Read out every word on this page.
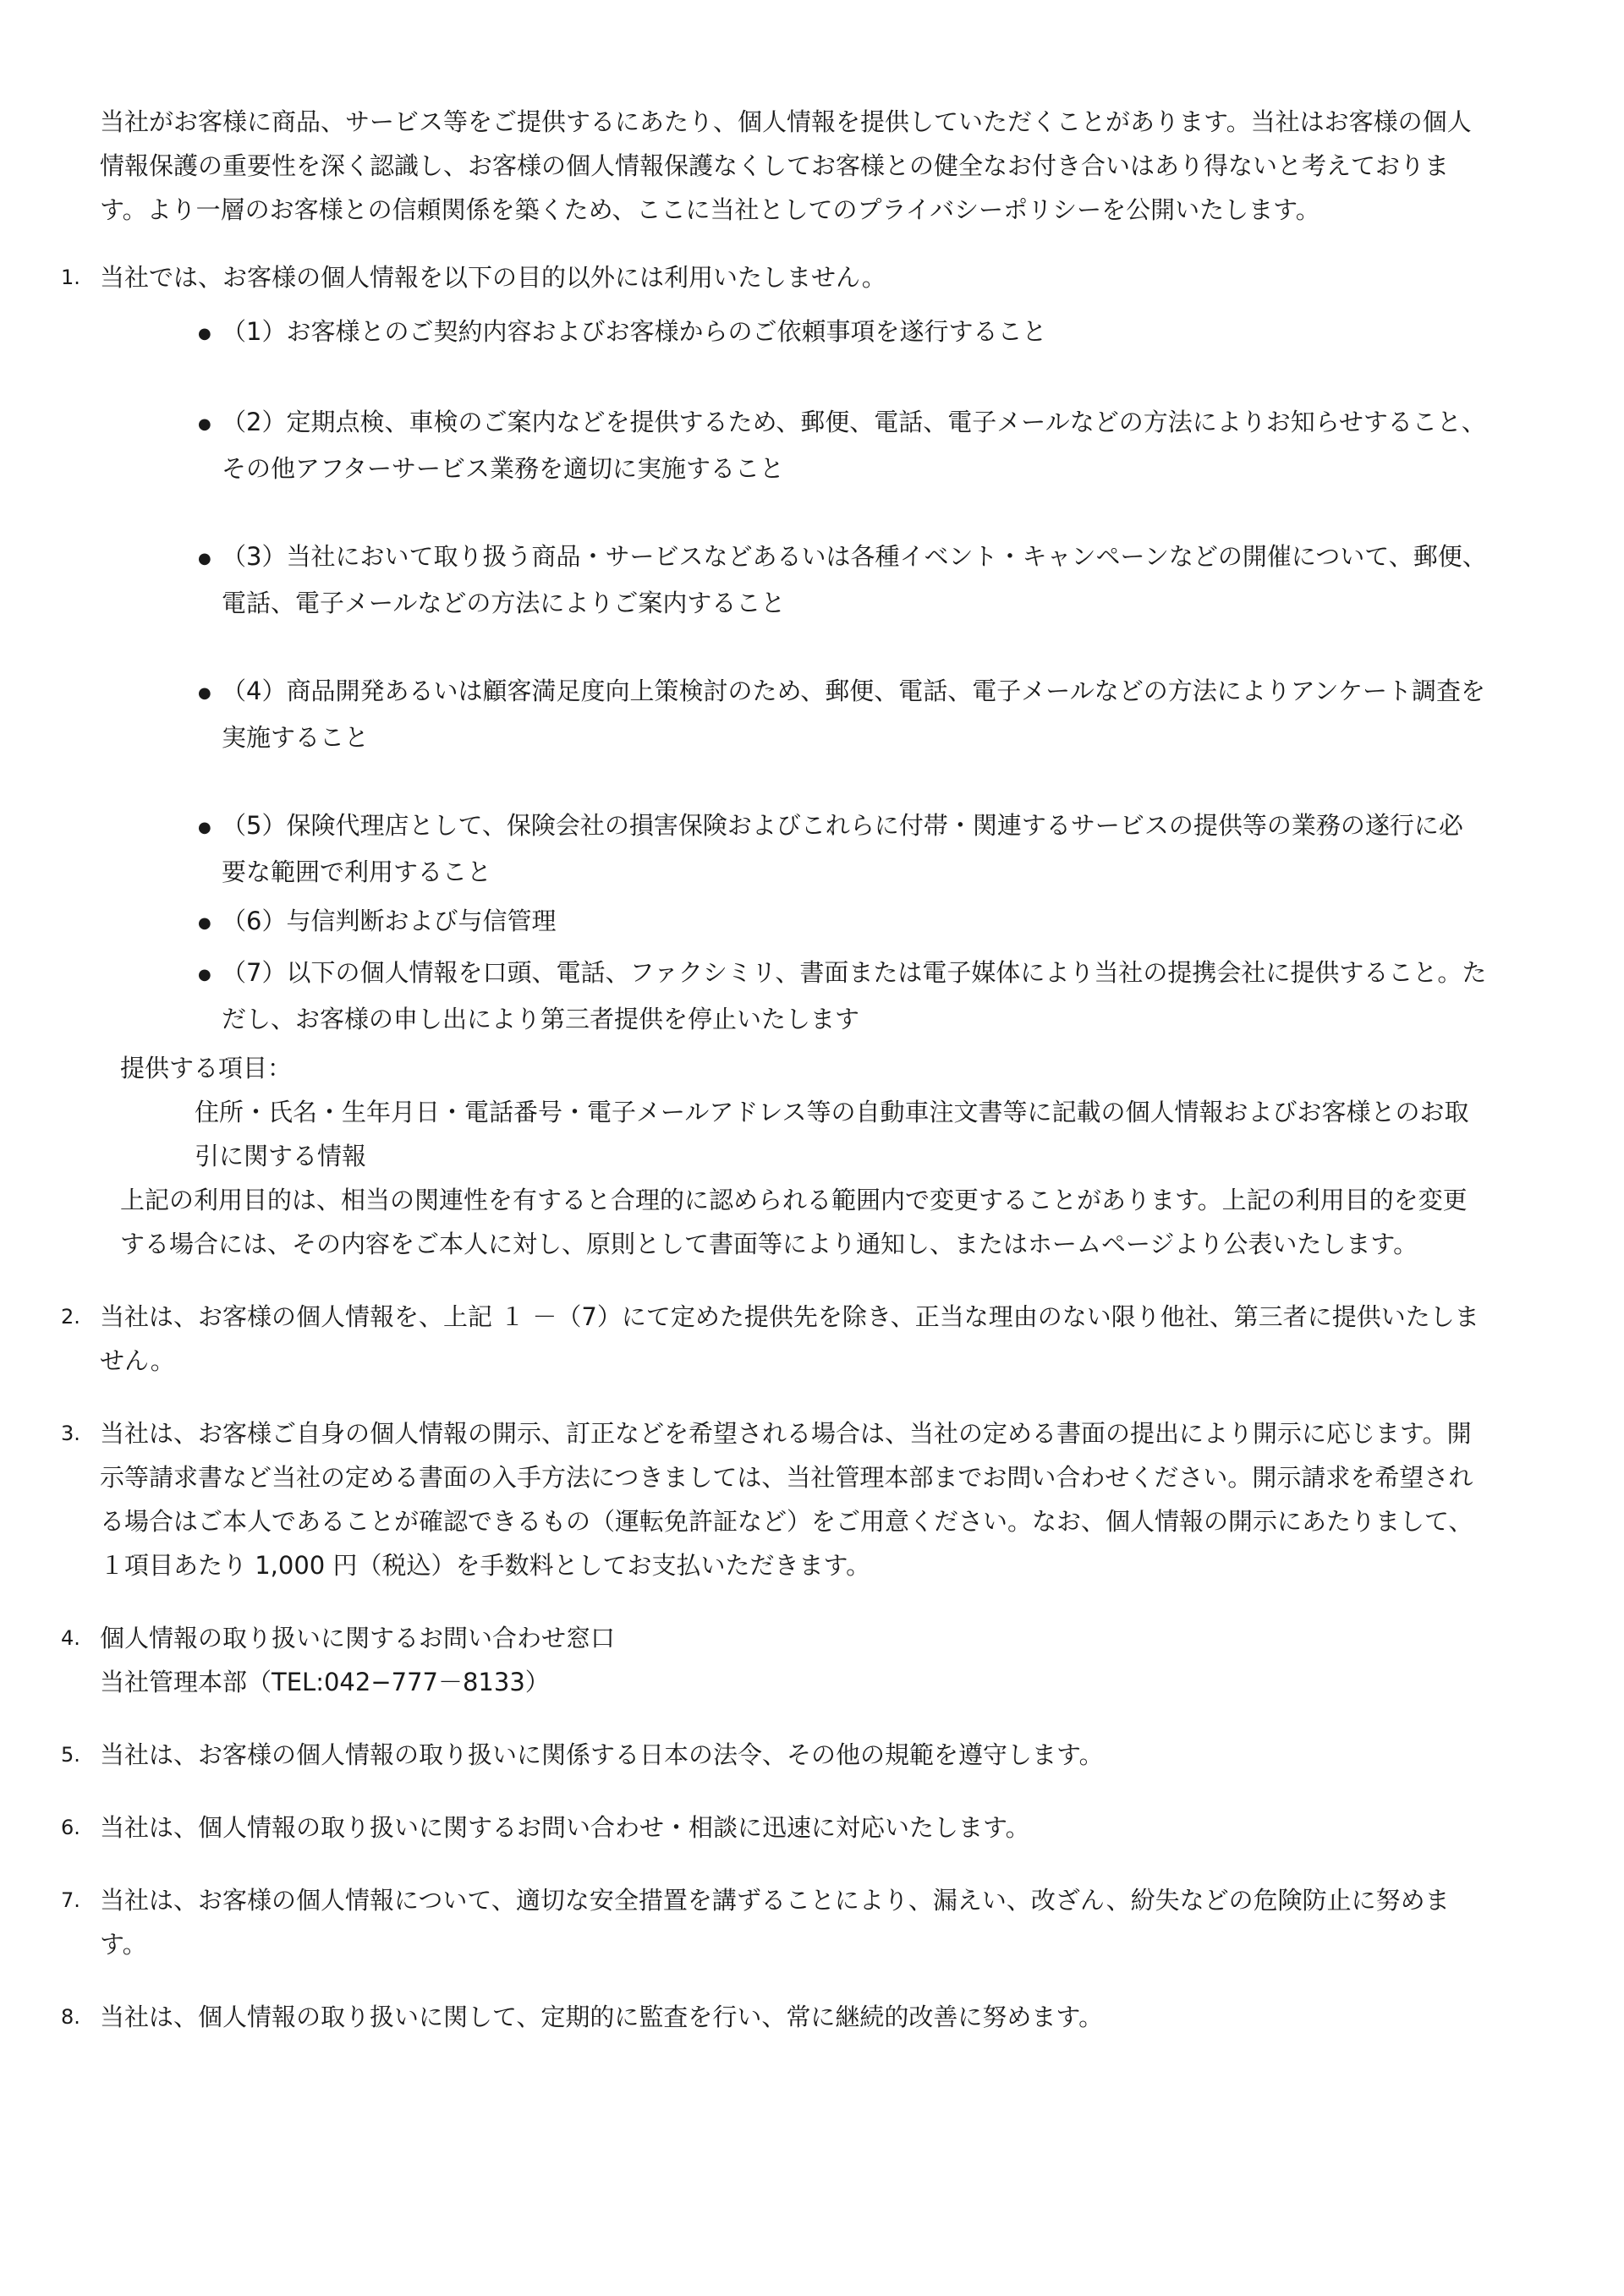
当社がお客様に商品、サービス等をご提供するにあたり、個人情報を提供していただくことがあります。当社はお客様の個人情報保護の重要性を深く認識し、お客様の個人情報保護なくしてお客様との健全なお付き合いはあり得ないと考えております。より一層のお客様との信頼関係を築くため、ここに当社としてのプライバシーポリシーを公開いたします。

1. 当社では、お客様の個人情報を以下の目的以外には利用いたしません。
● （1）お客様とのご契約内容およびお客様からのご依頼事項を遂行すること
● （2）定期点検、車検のご案内などを提供するため、郵便、電話、電子メールなどの方法によりお知らせすること、その他アフターサービス業務を適切に実施すること
● （3）当社において取り扱う商品・サービスなどあるいは各種イベント・キャンペーンなどの開催について、郵便、電話、電子メールなどの方法によりご案内すること
● （4）商品開発あるいは顧客満足度向上策検討のため、郵便、電話、電子メールなどの方法によりアンケート調査を実施すること
● （5）保険代理店として、保険会社の損害保険およびこれらに付帯・関連するサービスの提供等の業務の遂行に必要な範囲で利用すること
● （6）与信判断および与信管理
● （7）以下の個人情報を口頭、電話、ファクシミリ、書面または電子媒体により当社の提携会社に提供すること。ただし、お客様の申し出により第三者提供を停止いたします
提供する項目：
住所・氏名・生年月日・電話番号・電子メールアドレス等の自動車注文書等に記載の個人情報およびお客様とのお取引に関する情報
上記の利用目的は、相当の関連性を有すると合理的に認められる範囲内で変更することがあります。上記の利用目的を変更する場合には、その内容をご本人に対し、原則として書面等により通知し、またはホームページより公表いたします。
2. 当社は、お客様の個人情報を、上記 １ －（7）にて定めた提供先を除き、正当な理由のない限り他社、第三者に提供いたしません。
3. 当社は、お客様ご自身の個人情報の開示、訂正などを希望される場合は、当社の定める書面の提出により開示に応じます。開示等請求書など当社の定める書面の入手方法につきましては、当社管理本部までお問い合わせください。開示請求を希望される場合はご本人であることが確認できるもの（運転免許証など）をご用意ください。なお、個人情報の開示にあたりまして、１項目あたり 1,000 円（税込）を手数料としてお支払いただきます。
4. 個人情報の取り扱いに関するお問い合わせ窓口
当社管理本部（TEL:042−777－8133）
5. 当社は、お客様の個人情報の取り扱いに関係する日本の法令、その他の規範を遵守します。
6. 当社は、個人情報の取り扱いに関するお問い合わせ・相談に迅速に対応いたします。
7. 当社は、お客様の個人情報について、適切な安全措置を講ずることにより、漏えい、改ざん、紛失などの危険防止に努めます。
8. 当社は、個人情報の取り扱いに関して、定期的に監査を行い、常に継続的改善に努めます。
